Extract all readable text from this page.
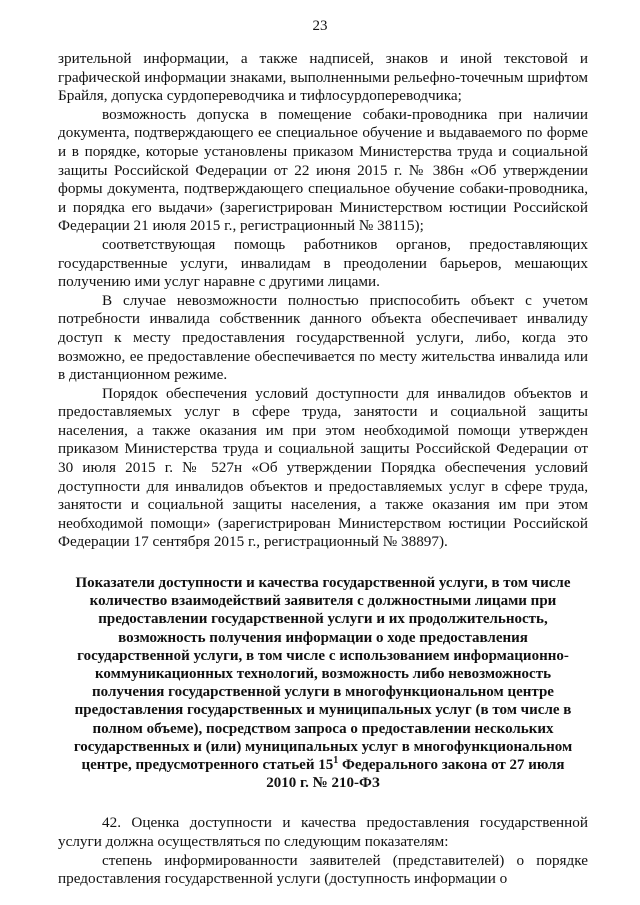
23

зрительной информации, а также надписей, знаков и иной текстовой и графической информации знаками, выполненными рельефно-точечным шрифтом Брайля, допуска сурдопереводчика и тифлосурдопереводчика;

возможность допуска в помещение собаки-проводника при наличии документа, подтверждающего ее специальное обучение и выдаваемого по форме и в порядке, которые установлены приказом Министерства труда и социальной защиты Российской Федерации от 22 июня 2015 г. № 386н «Об утверждении формы документа, подтверждающего специальное обучение собаки-проводника, и порядка его выдачи» (зарегистрирован Министерством юстиции Российской Федерации 21 июля 2015 г., регистрационный № 38115);

соответствующая помощь работников органов, предоставляющих государственные услуги, инвалидам в преодолении барьеров, мешающих получению ими услуг наравне с другими лицами.

В случае невозможности полностью приспособить объект с учетом потребности инвалида собственник данного объекта обеспечивает инвалиду доступ к месту предоставления государственной услуги, либо, когда это возможно, ее предоставление обеспечивается по месту жительства инвалида или в дистанционном режиме.

Порядок обеспечения условий доступности для инвалидов объектов и предоставляемых услуг в сфере труда, занятости и социальной защиты населения, а также оказания им при этом необходимой помощи утвержден приказом Министерства труда и социальной защиты Российской Федерации от 30 июля 2015 г. № 527н «Об утверждении Порядка обеспечения условий доступности для инвалидов объектов и предоставляемых услуг в сфере труда, занятости и социальной защиты населения, а также оказания им при этом необходимой помощи» (зарегистрирован Министерством юстиции Российской Федерации 17 сентября 2015 г., регистрационный № 38897).

Показатели доступности и качества государственной услуги, в том числе количество взаимодействий заявителя с должностными лицами при предоставлении государственной услуги и их продолжительность, возможность получения информации о ходе предоставления государственной услуги, в том числе с использованием информационно-коммуникационных технологий, возможность либо невозможность получения государственной услуги в многофункциональном центре предоставления государственных и муниципальных услуг (в том числе в полном объеме), посредством запроса о предоставлении нескольких государственных и (или) муниципальных услуг в многофункциональном центре, предусмотренного статьей $15^1$ Федерального закона от 27 июля 2010 г. № 210-ФЗ

42. Оценка доступности и качества предоставления государственной услуги должна осуществляться по следующим показателям:

степень информированности заявителей (представителей) о порядке предоставления государственной услуги (доступность информации о
